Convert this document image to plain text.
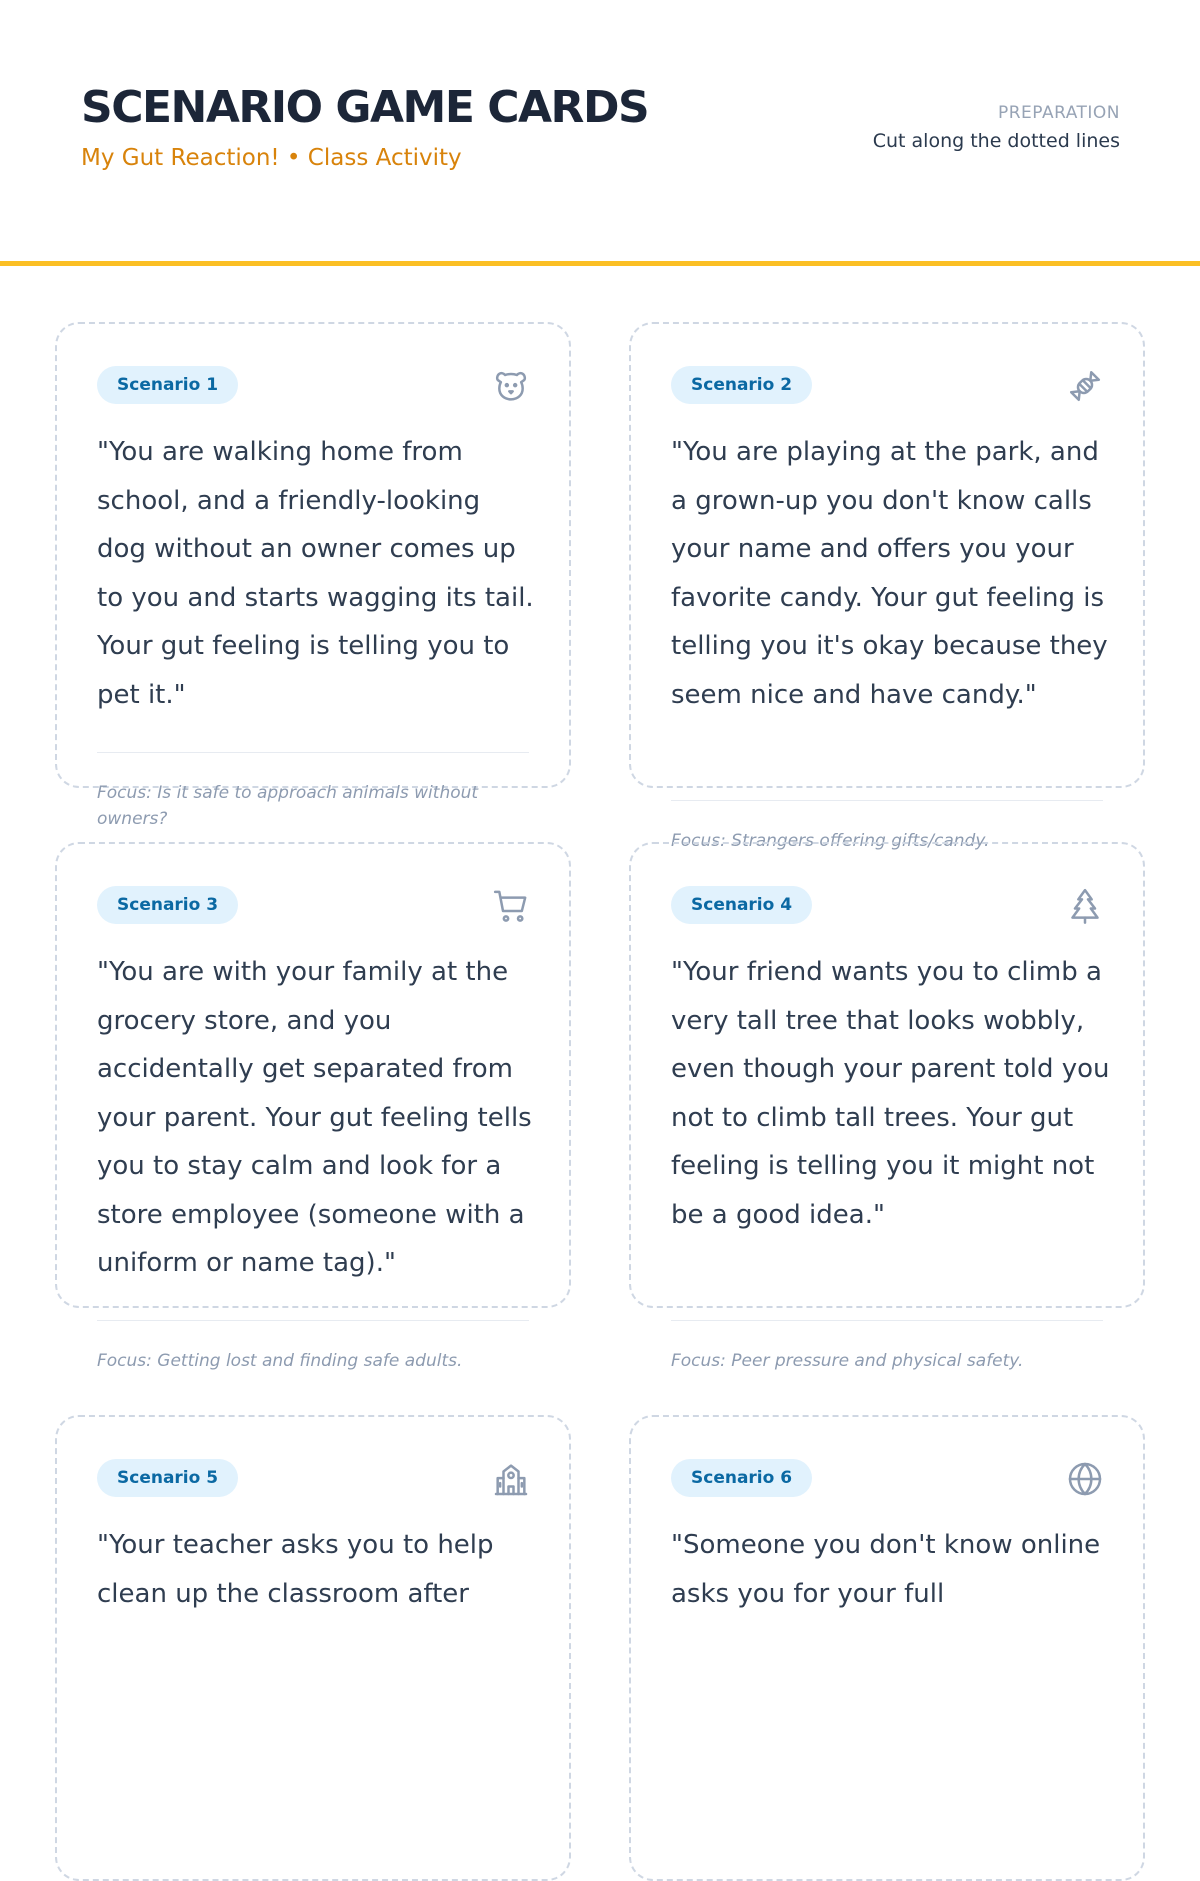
SCENARIO GAME CARDS
My Gut Reaction! • Class Activity
PREPARATION
Cut along the dotted lines
Scenario 1
"You are walking home from school, and a friendly-looking dog without an owner comes up to you and starts wagging its tail. Your gut feeling is telling you to pet it."
Focus: Is it safe to approach animals without owners?
Scenario 2
"You are playing at the park, and a grown-up you don't know calls your name and offers you your favorite candy. Your gut feeling is telling you it's okay because they seem nice and have candy."
Focus: Strangers offering gifts/candy.
Scenario 3
"You are with your family at the grocery store, and you accidentally get separated from your parent. Your gut feeling tells you to stay calm and look for a store employee (someone with a uniform or name tag)."
Focus: Getting lost and finding safe adults.
Scenario 4
"Your friend wants you to climb a very tall tree that looks wobbly, even though your parent told you not to climb tall trees. Your gut feeling is telling you it might not be a good idea."
Focus: Peer pressure and physical safety.
Scenario 5
"Your teacher asks you to help clean up the classroom after
Scenario 6
"Someone you don't know online asks you for your full
